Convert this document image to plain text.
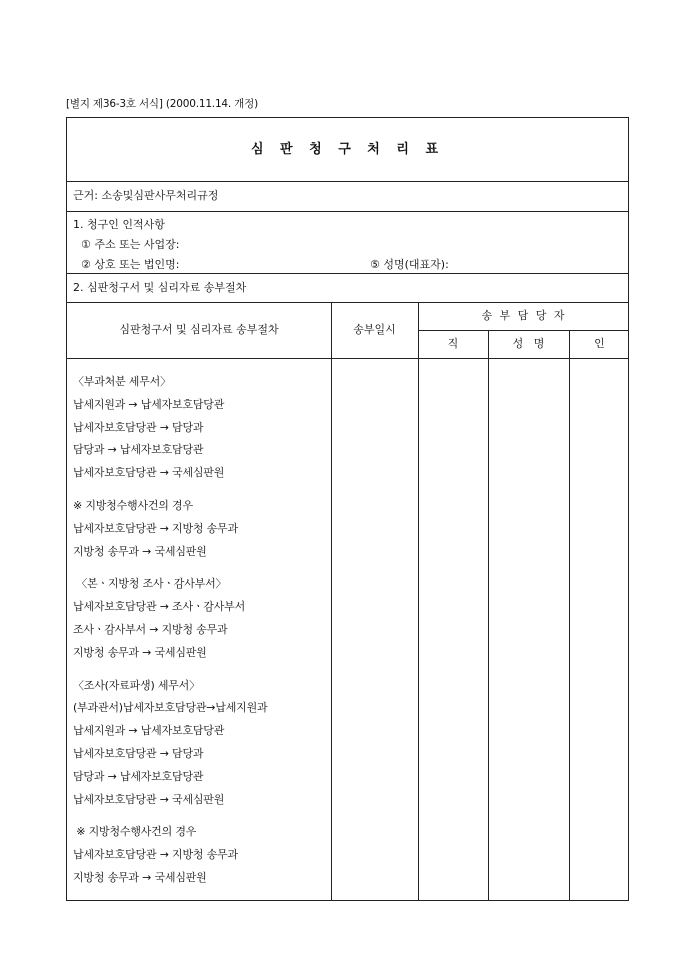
[별지 제36-3호 서식] (2000.11.14. 개정)
심 판 청 구 처 리 표
근거: 소송및심판사무처리규정
1. 청구인 인적사항
① 주소 또는 사업장:
② 상호 또는 법인명:	⑤ 성명(대표자):
2. 심판청구서 및 심리자료 송부절차
심판청구서 및 심리자료 송부절차	송부일시
송 부 담 당 자
직	성   명	인
〈부과처분 세무서〉
납세지원과 → 납세자보호담당관
납세자보호담당관 → 담당과
담당과 → 납세자보호담당관
납세자보호담당관 → 국세심판원
※ 지방청수행사건의 경우
납세자보호담당관 → 지방청 송무과
지방청 송무과 → 국세심판원
〈본ㆍ지방청 조사ㆍ감사부서〉
납세자보호담당관 → 조사ㆍ감사부서
조사ㆍ감사부서 → 지방청 송무과
지방청 송무과 → 국세심판원
〈조사(자료파생) 세무서〉
(부과관서)납세자보호담당관→납세지원과
납세지원과 → 납세자보호담당관
납세자보호담당관 → 담당과
담당과 → 납세자보호담당관
납세자보호담당관 → 국세심판원
※ 지방청수행사건의 경우
납세자보호담당관 → 지방청 송무과
지방청 송무과 → 국세심판원
